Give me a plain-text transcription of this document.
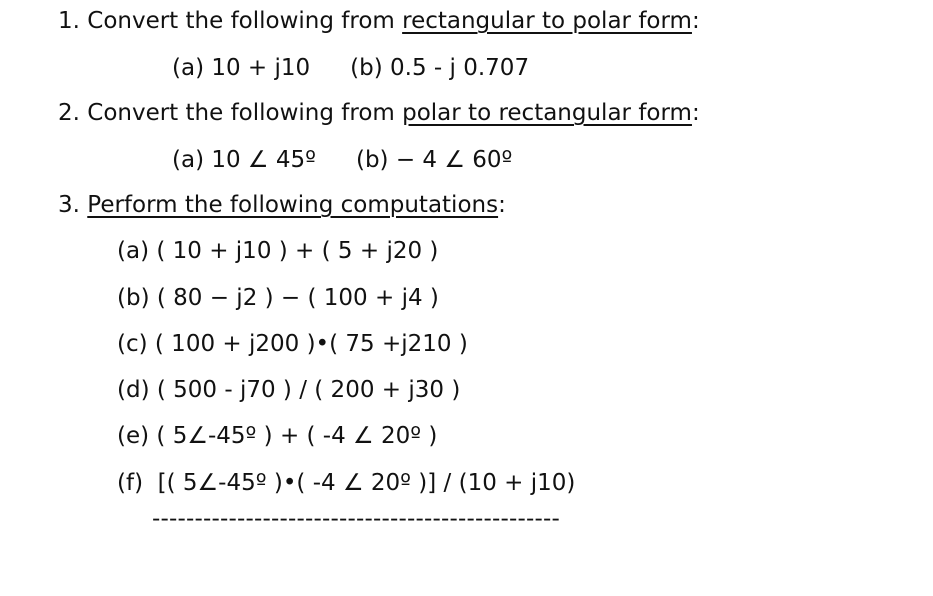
1. Convert the following from rectangular to polar form:
(a) 10 + j10 (b) 0.5 - j 0.707
2. Convert the following from polar to rectangular form:
(a) 10 ∠ 45º (b) − 4 ∠ 60º
3. Perform the following computations:
(a) ( 10 + j10 ) + ( 5 + j20 )
(b) ( 80 − j2 ) − ( 100 + j4 )
(c) ( 100 + j200 )•( 75 +j210 )
(d) ( 500 - j70 ) / ( 200 + j30 )
(e) ( 5∠-45º ) + ( -4 ∠ 20º )
(f)  [( 5∠-45º )•( -4 ∠ 20º )] / (10 + j10)
------------------------------------------------
